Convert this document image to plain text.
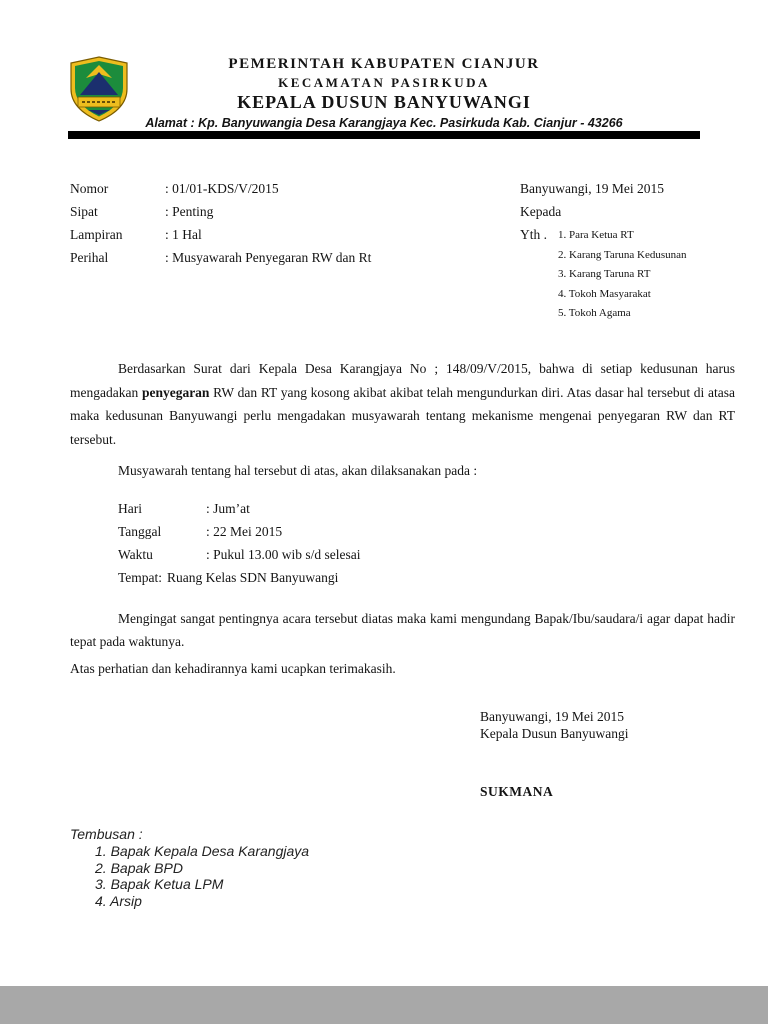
PEMERINTAH KABUPATEN CIANJUR
KECAMATAN PASIRKUDA
KEPALA DUSUN BANYUWANGI
Alamat : Kp. Banyuwangia Desa Karangjaya Kec. Pasirkuda Kab. Cianjur - 43266
Nomor	: 01/01-KDS/V/2015
Sipat	: Penting
Lampiran	: 1 Hal
Perihal	: Musyawarah Penyegaran RW dan Rt
Banyuwangi, 19 Mei 2015
Kepada
Yth .	1. Para Ketua RT
2. Karang Taruna Kedusunan
3. Karang Taruna RT
4. Tokoh Masyarakat
5. Tokoh Agama

Berdasarkan Surat dari Kepala Desa Karangjaya No ; 148/09/V/2015, bahwa di setiap kedusunan harus mengadakan penyegaran RW dan RT yang kosong akibat akibat telah mengundurkan diri. Atas dasar hal tersebut di atasa maka kedusunan Banyuwangi perlu mengadakan musyawarah tentang mekanisme mengenai penyegaran RW dan RT tersebut.

Musyawarah tentang hal tersebut di atas, akan dilaksanakan pada :

Hari	: Jum’at
Tanggal	: 22 Mei 2015
Waktu	: Pukul 13.00 wib s/d selesai
Tempat: Ruang Kelas SDN Banyuwangi

Mengingat sangat pentingnya acara tersebut diatas maka kami mengundang Bapak/Ibu/saudara/i agar dapat hadir tepat pada waktunya.

Atas perhatian dan kehadirannya kami ucapkan terimakasih.

Banyuwangi, 19 Mei 2015
Kepala Dusun Banyuwangi
SUKMANA
Tembusan :
1. Bapak Kepala Desa Karangjaya
2. Bapak BPD
3. Bapak Ketua LPM
4. Arsip
